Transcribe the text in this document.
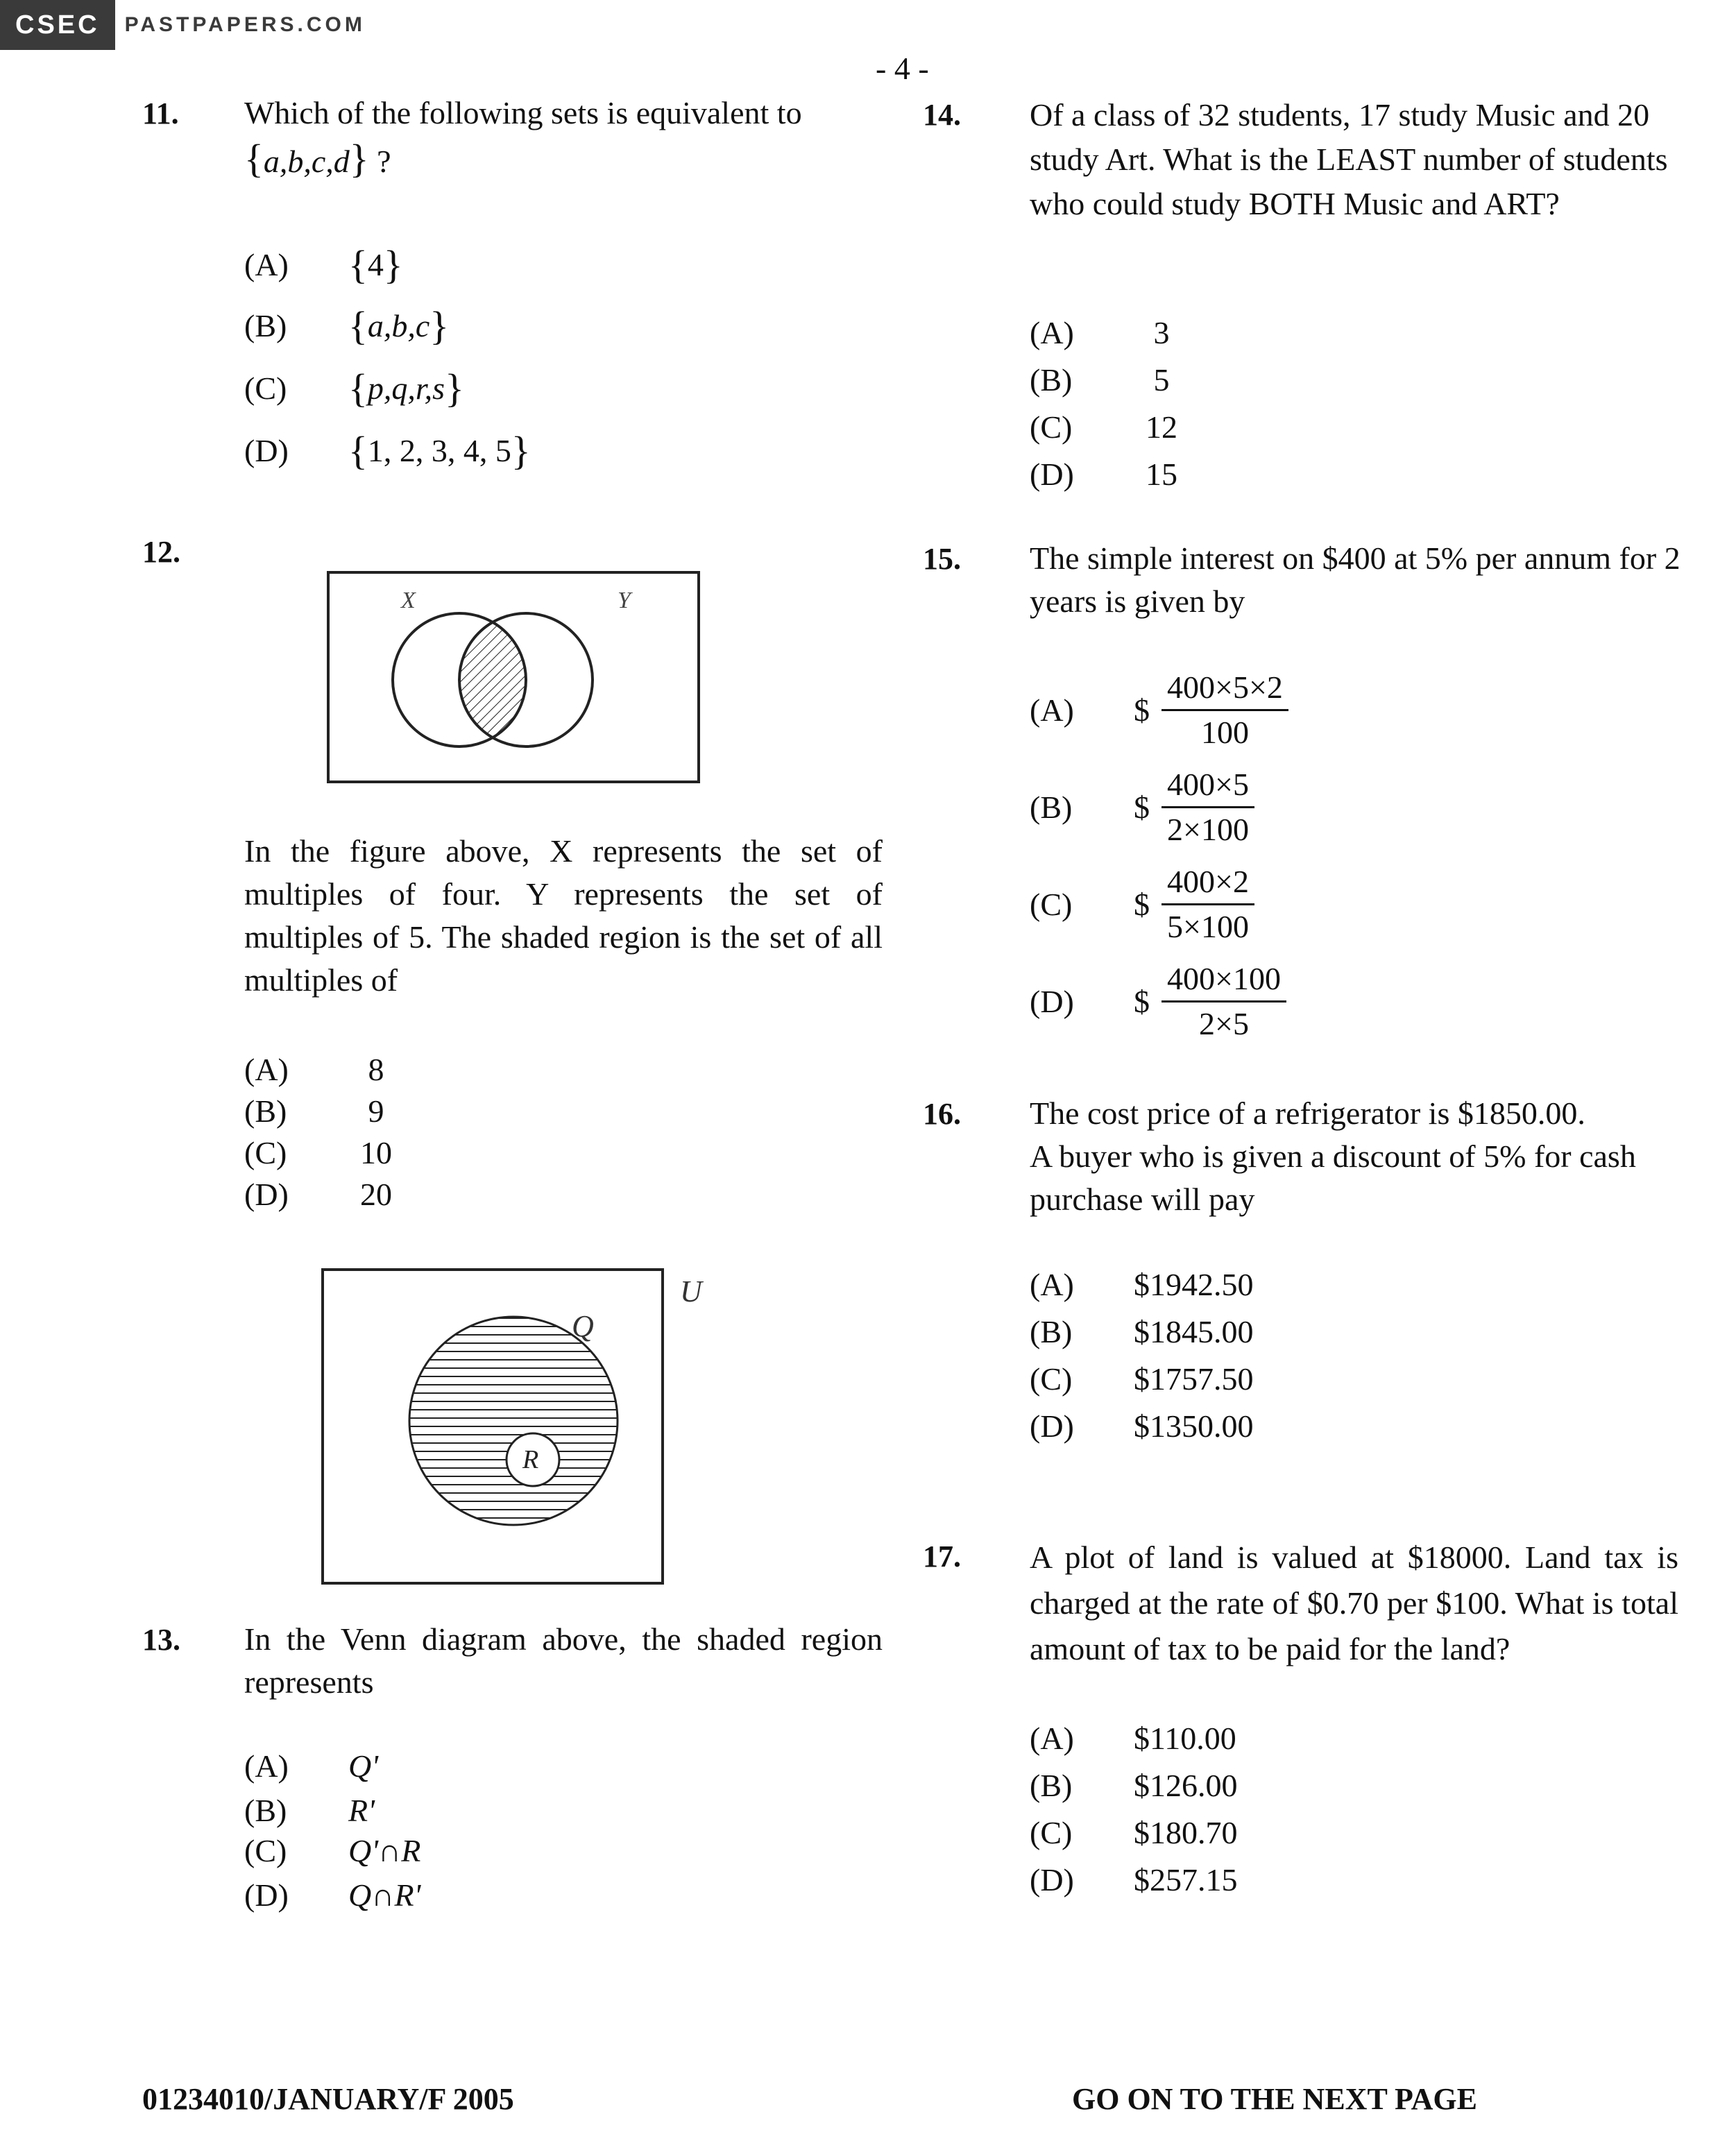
CSEC	PASTPAPERS.COM
- 4 -
11. Which of the following sets is equivalent to
{a,b,c,d} ?
(A)	{ 4 }
(B)	{ a,b,c }
(C)	{ p,q,r,s }
(D)	{ 1, 2, 3, 4, 5 }
12.
X	Y
In the figure above, X represents the set of multiples of four. Y represents the set of multiples of 5. The shaded region is the set of all multiples of
(A)	8
(B)	9
(C)	10
(D)	20
R
Q
U
13. In the Venn diagram above, the shaded region represents
(A)	Q'
(B)	R'
(C)	Q'∩R
(D)	Q∩R'
14. Of a class of 32 students, 17 study Music and 20 study Art. What is the LEAST number of students who could study BOTH Music and ART?
(A)	3
(B)	5
(C)	12
(D)	15
15. The simple interest on $400 at 5% per annum for 2 years is given by
(A)	$ $\frac{400\times 5\times 2}{100}$
(B)	$ $\frac{400\times 5}{2\times 100}$
(C)	$ $\frac{400\times 2}{5\times 100}$
(D)	$ $\frac{400\times 100}{2\times 5}$
16. The cost price of a refrigerator is $1850.00.
A buyer who is given a discount of 5% for cash purchase will pay
(A)	$1942.50
(B)	$1845.00
(C)	$1757.50
(D)	$1350.00
17. A plot of land is valued at $18000. Land tax is charged at the rate of $0.70 per $100. What is total amount of tax to be paid for the land?
(A)	$110.00
(B)	$126.00
(C)	$180.70
(D)	$257.15
01234010/JANUARY/F 2005	GO ON TO THE NEXT PAGE
